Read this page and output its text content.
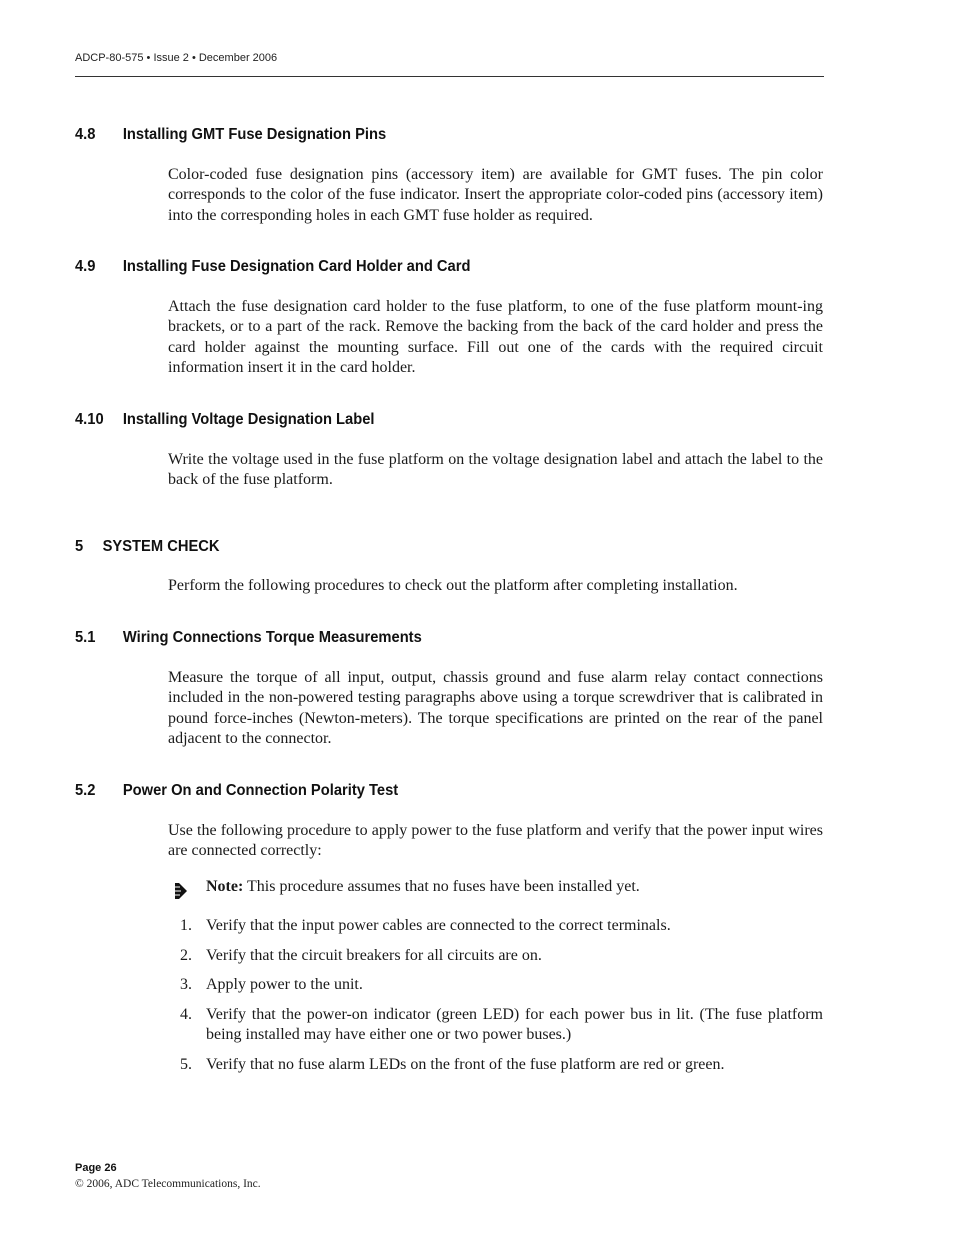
ADCP-80-575 • Issue 2 • December 2006
4.8 Installing GMT Fuse Designation Pins
Color-coded fuse designation pins (accessory item) are available for GMT fuses. The pin color corresponds to the color of the fuse indicator. Insert the appropriate color-coded pins (accessory item) into the corresponding holes in each GMT fuse holder as required.
4.9 Installing Fuse Designation Card Holder and Card
Attach the fuse designation card holder to the fuse platform, to one of the fuse platform mount-ing brackets, or to a part of the rack. Remove the backing from the back of the card holder and press the card holder against the mounting surface. Fill out one of the cards with the required circuit information insert it in the card holder.
4.10 Installing Voltage Designation Label
Write the voltage used in the fuse platform on the voltage designation label and attach the label to the back of the fuse platform.
5 SYSTEM CHECK
Perform the following procedures to check out the platform after completing installation.
5.1 Wiring Connections Torque Measurements
Measure the torque of all input, output, chassis ground and fuse alarm relay contact connections included in the non-powered testing paragraphs above using a torque screwdriver that is calibrated in pound force-inches (Newton-meters). The torque specifications are printed on the rear of the panel adjacent to the connector.
5.2 Power On and Connection Polarity Test
Use the following procedure to apply power to the fuse platform and verify that the power input wires are connected correctly:
Note: This procedure assumes that no fuses have been installed yet.
1. Verify that the input power cables are connected to the correct terminals.
2. Verify that the circuit breakers for all circuits are on.
3. Apply power to the unit.
4. Verify that the power-on indicator (green LED) for each power bus in lit. (The fuse platform being installed may have either one or two power buses.)
5. Verify that no fuse alarm LEDs on the front of the fuse platform are red or green.
Page 26
© 2006, ADC Telecommunications, Inc.
